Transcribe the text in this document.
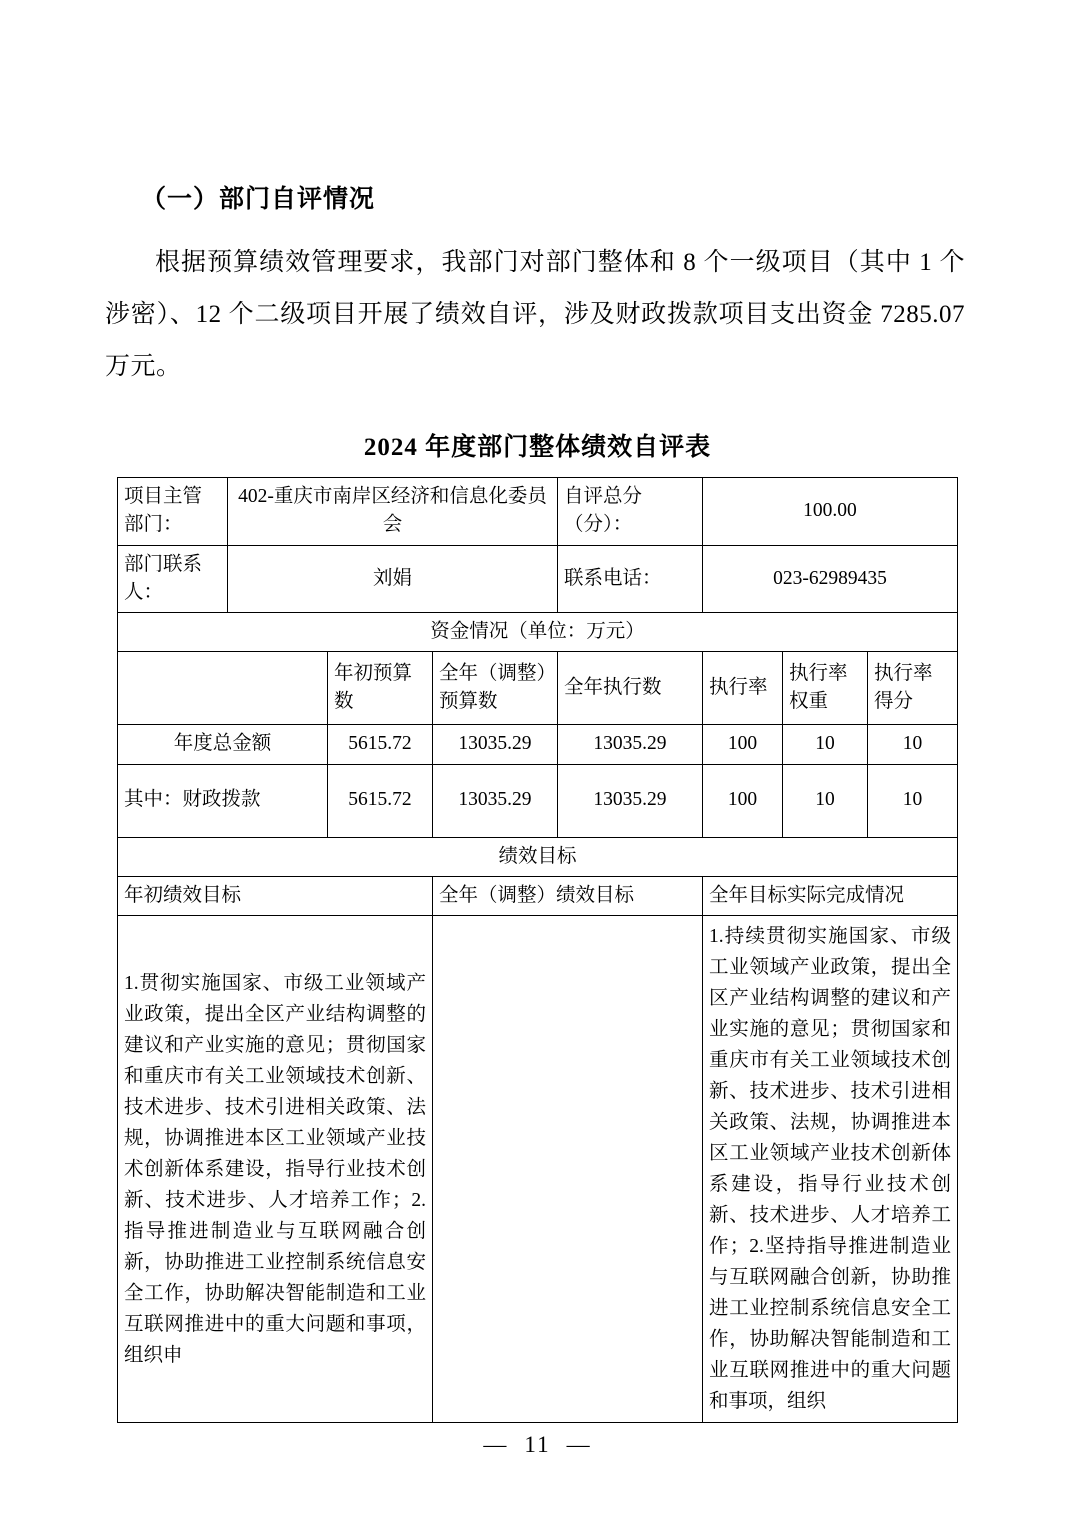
（一）部门自评情况

根据预算绩效管理要求，我部门对部门整体和 8 个一级项目（其中 1 个涉密）、12 个二级项目开展了绩效自评，涉及财政拨款项目支出资金 7285.07 万元。

2024 年度部门整体绩效自评表
项目主管部门：	402-重庆市南岸区经济和信息化委员会			自评总分（分）：	100.00		
部门联系人：	刘娟			联系电话：	023-62989435		
资金情况（单位：万元）							
		年初预算数	全年（调整）预算数	全年执行数	执行率	执行率权重	执行率得分
年度总金额		5615.72	13035.29	13035.29	100	10	10
其中：财政拨款		5615.72	13035.29	13035.29	100	10	10
绩效目标							
年初绩效目标			全年（调整）绩效目标		全年目标实际完成情况		
1.贯彻实施国家、市级工业领域产业政策，提出全区产业结构调整的建议和产业实施的意见；贯彻国家和重庆市有关工业领域技术创新、技术进步、技术引进相关政策、法规，协调推进本区工业领域产业技术创新体系建设，指导行业技术创新、技术进步、人才培养工作；2.指导推进制造业与互联网融合创新，协助推进工业控制系统信息安全工作，协助解决智能制造和工业互联网推进中的重大问题和事项，组织申					1.持续贯彻实施国家、市级工业领域产业政策，提出全区产业结构调整的建议和产业实施的意见；贯彻国家和重庆市有关工业领域技术创新、技术进步、技术引进相关政策、法规，协调推进本区工业领域产业技术创新体系建设，指导行业技术创新、技术进步、人才培养工作；2.坚持指导推进制造业与互联网融合创新，协助推进工业控制系统信息安全工作，协助解决智能制造和工业互联网推进中的重大问题和事项，组织		
— 11 —
